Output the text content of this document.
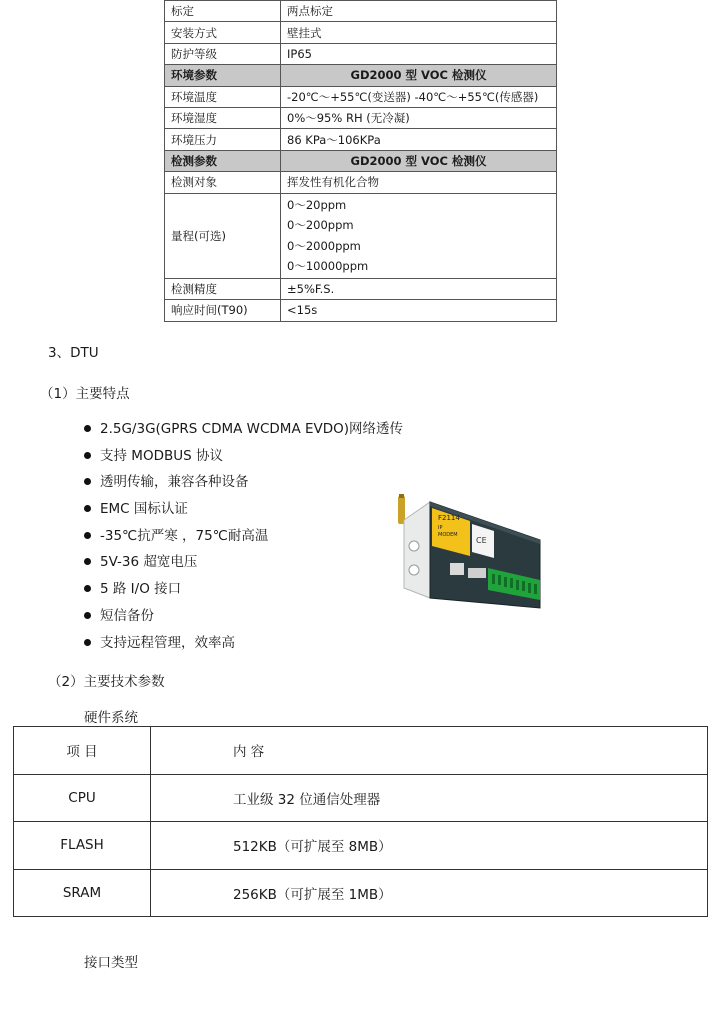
标定	两点标定
安装方式	壁挂式
防护等级	IP65
环境参数	GD2000 型 VOC 检测仪
环境温度	-20℃～+55℃(变送器) -40℃～+55℃(传感器)
环境湿度	0%～95% RH (无冷凝)
环境压力	86 KPa～106KPa
检测参数	GD2000 型 VOC 检测仪
检测对象	挥发性有机化合物
量程(可选)	0～20ppm
0～200ppm
0～2000ppm
0～10000ppm

检测精度	±5%F.S.
响应时间(T90)	<15s
3、DTU
（1）主要特点
2.5G/3G(GPRS CDMA WCDMA EVDO)网络透传
支持 MODBUS 协议
透明传输，兼容各种设备
EMC 国标认证
-35℃抗严寒 ，75℃耐高温
5V-36 超宽电压
5 路 I/O 接口
短信备份
支持远程管理，效率高
F2114
IP
MODEM
CE
（2）主要技术参数
硬件系统
项 目	内 容
CPU	工业级 32 位通信处理器
FLASH	512KB（可扩展至 8MB）
SRAM	256KB（可扩展至 1MB）
接口类型
